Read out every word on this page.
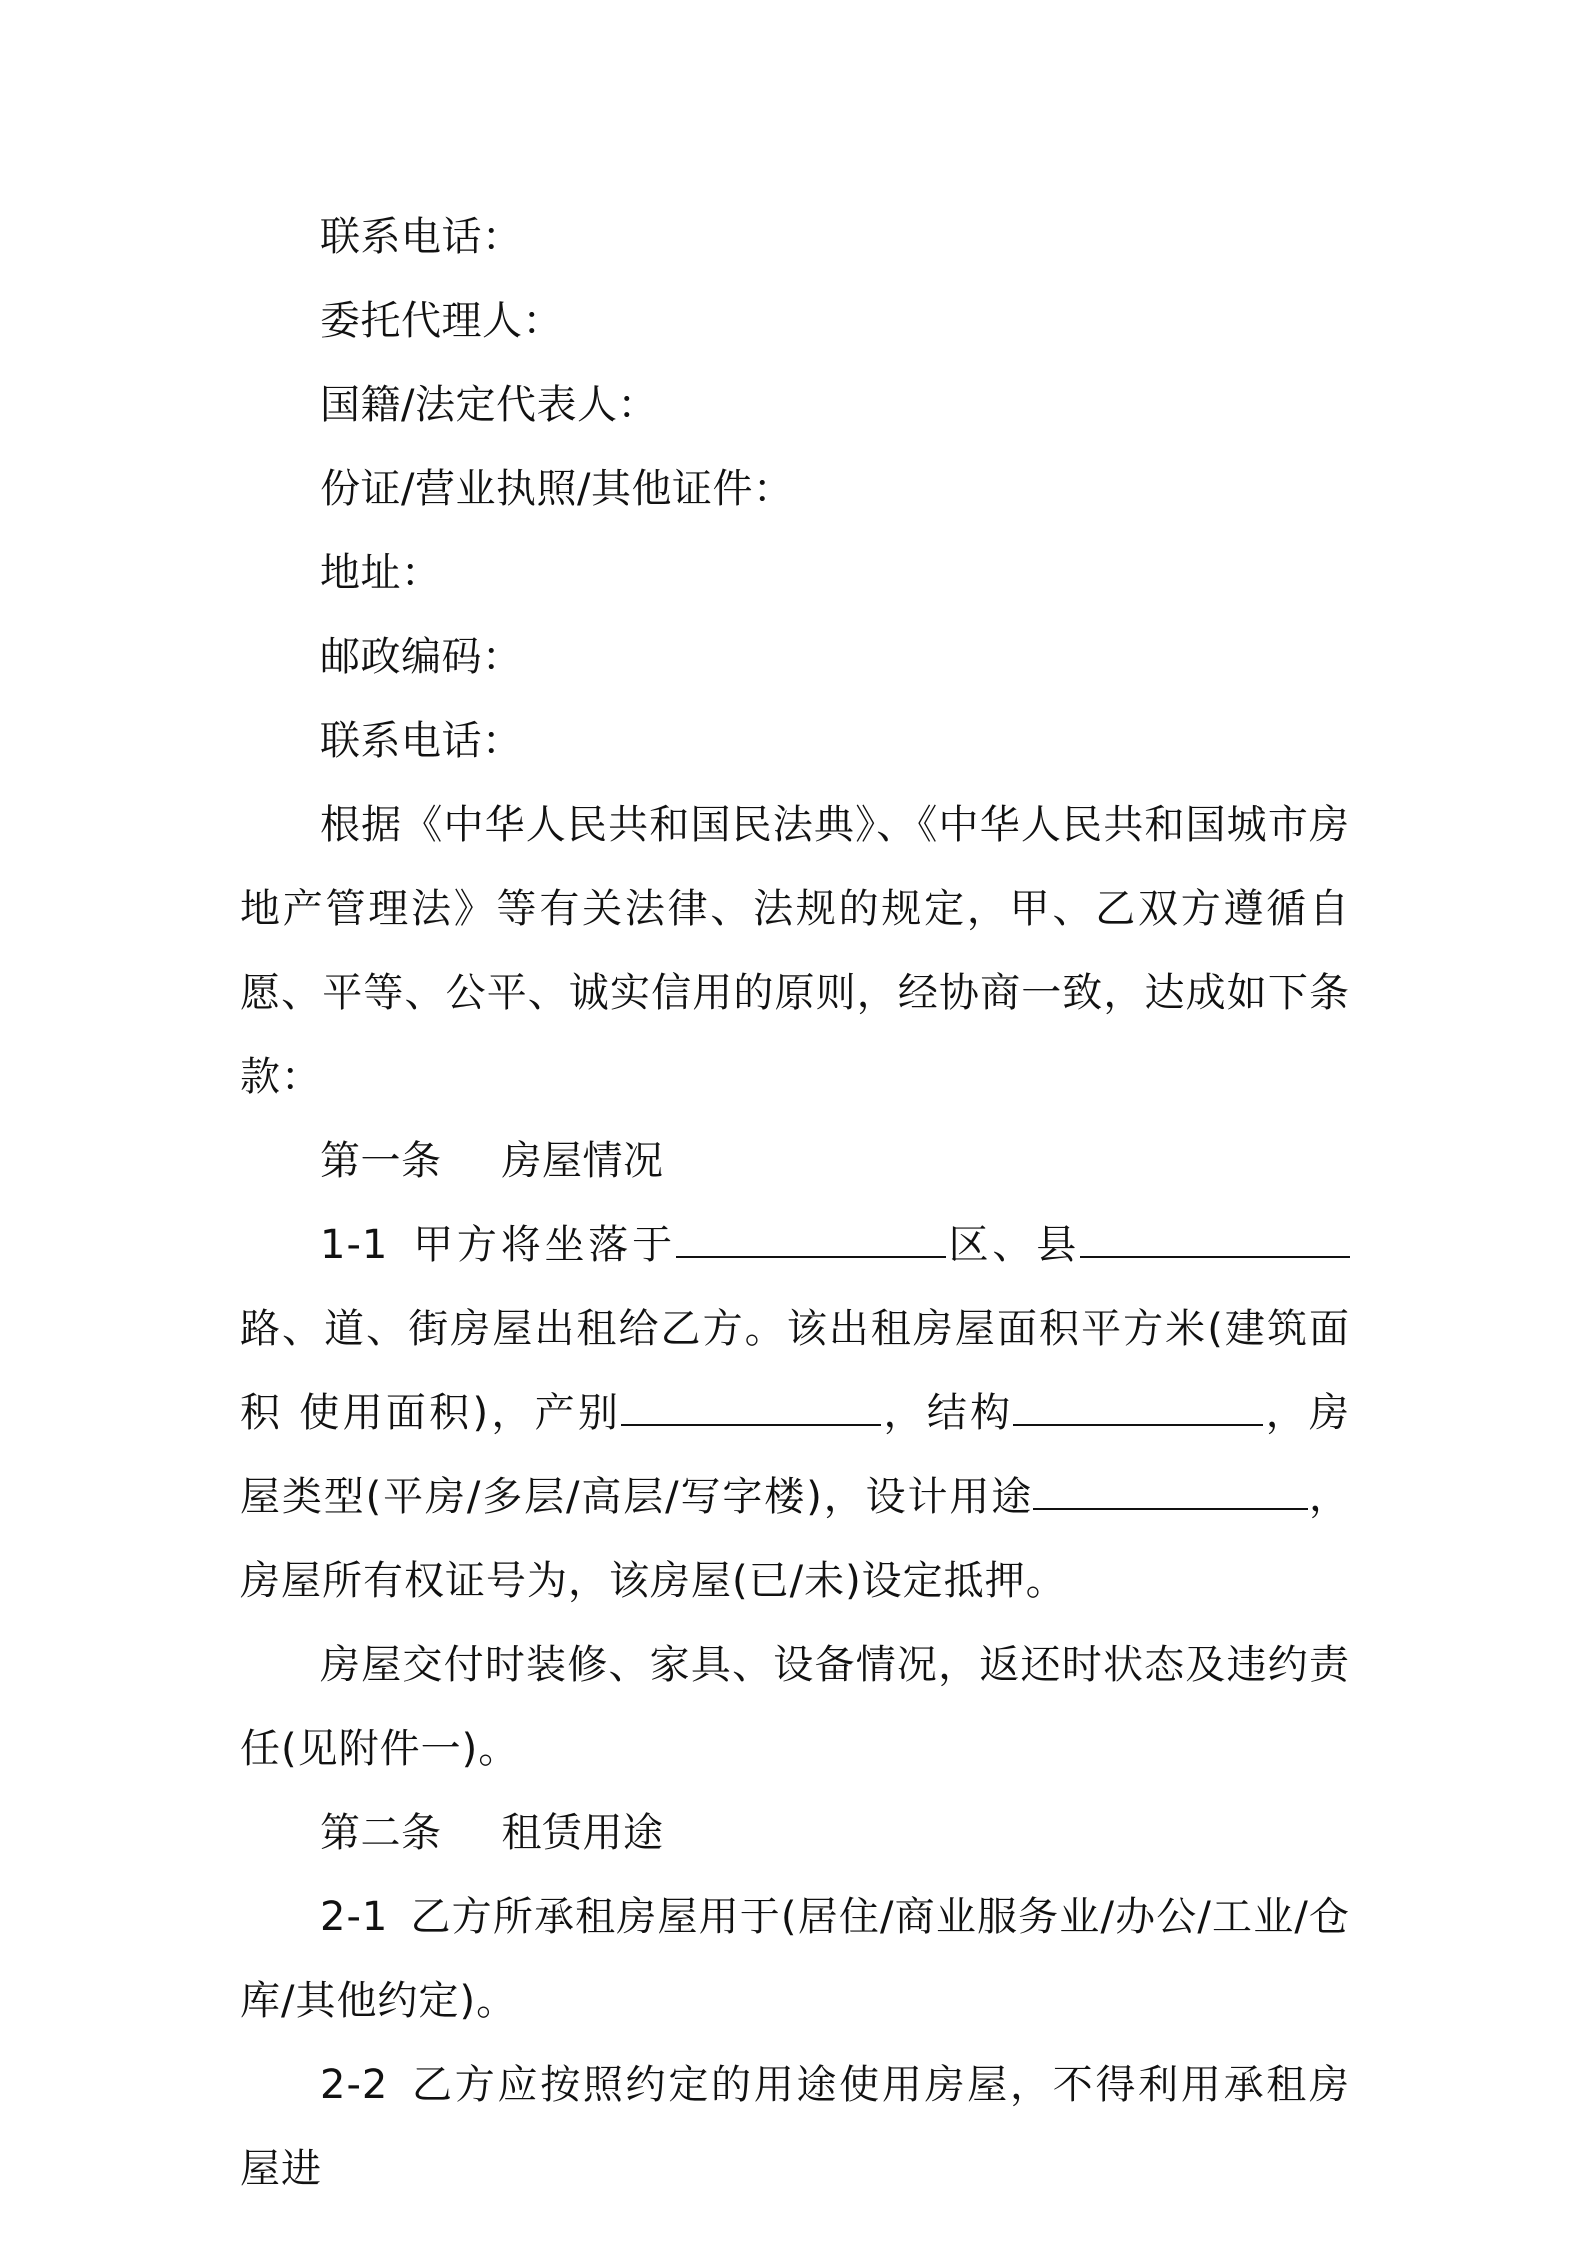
联系电话：
委托代理人：
国籍/法定代表人：
份证/营业执照/其他证件：
地址：
邮政编码：
联系电话：
根据《中华人民共和国民法典》、《中华人民共和国城市房地产管理法》等有关法律、法规的规定，甲、乙双方遵循自愿、平等、公平、诚实信用的原则，经协商一致，达成如下条款：
第一条 房屋情况
1-1 甲方将坐落于	区、县路、道、街房屋出租给乙方。该出租房屋面积平方米(建筑面积 使用面积)，产别	，结构	，房屋类型(平房/多层/高层/写字楼)，设计用途	，房屋所有权证号为，该房屋(已/未)设定抵押。
房屋交付时装修、家具、设备情况，返还时状态及违约责任(见附件一)。
第二条 租赁用途
2-1 乙方所承租房屋用于(居住/商业服务业/办公/工业/仓库/其他约定)。
2-2 乙方应按照约定的用途使用房屋，不得利用承租房屋进
